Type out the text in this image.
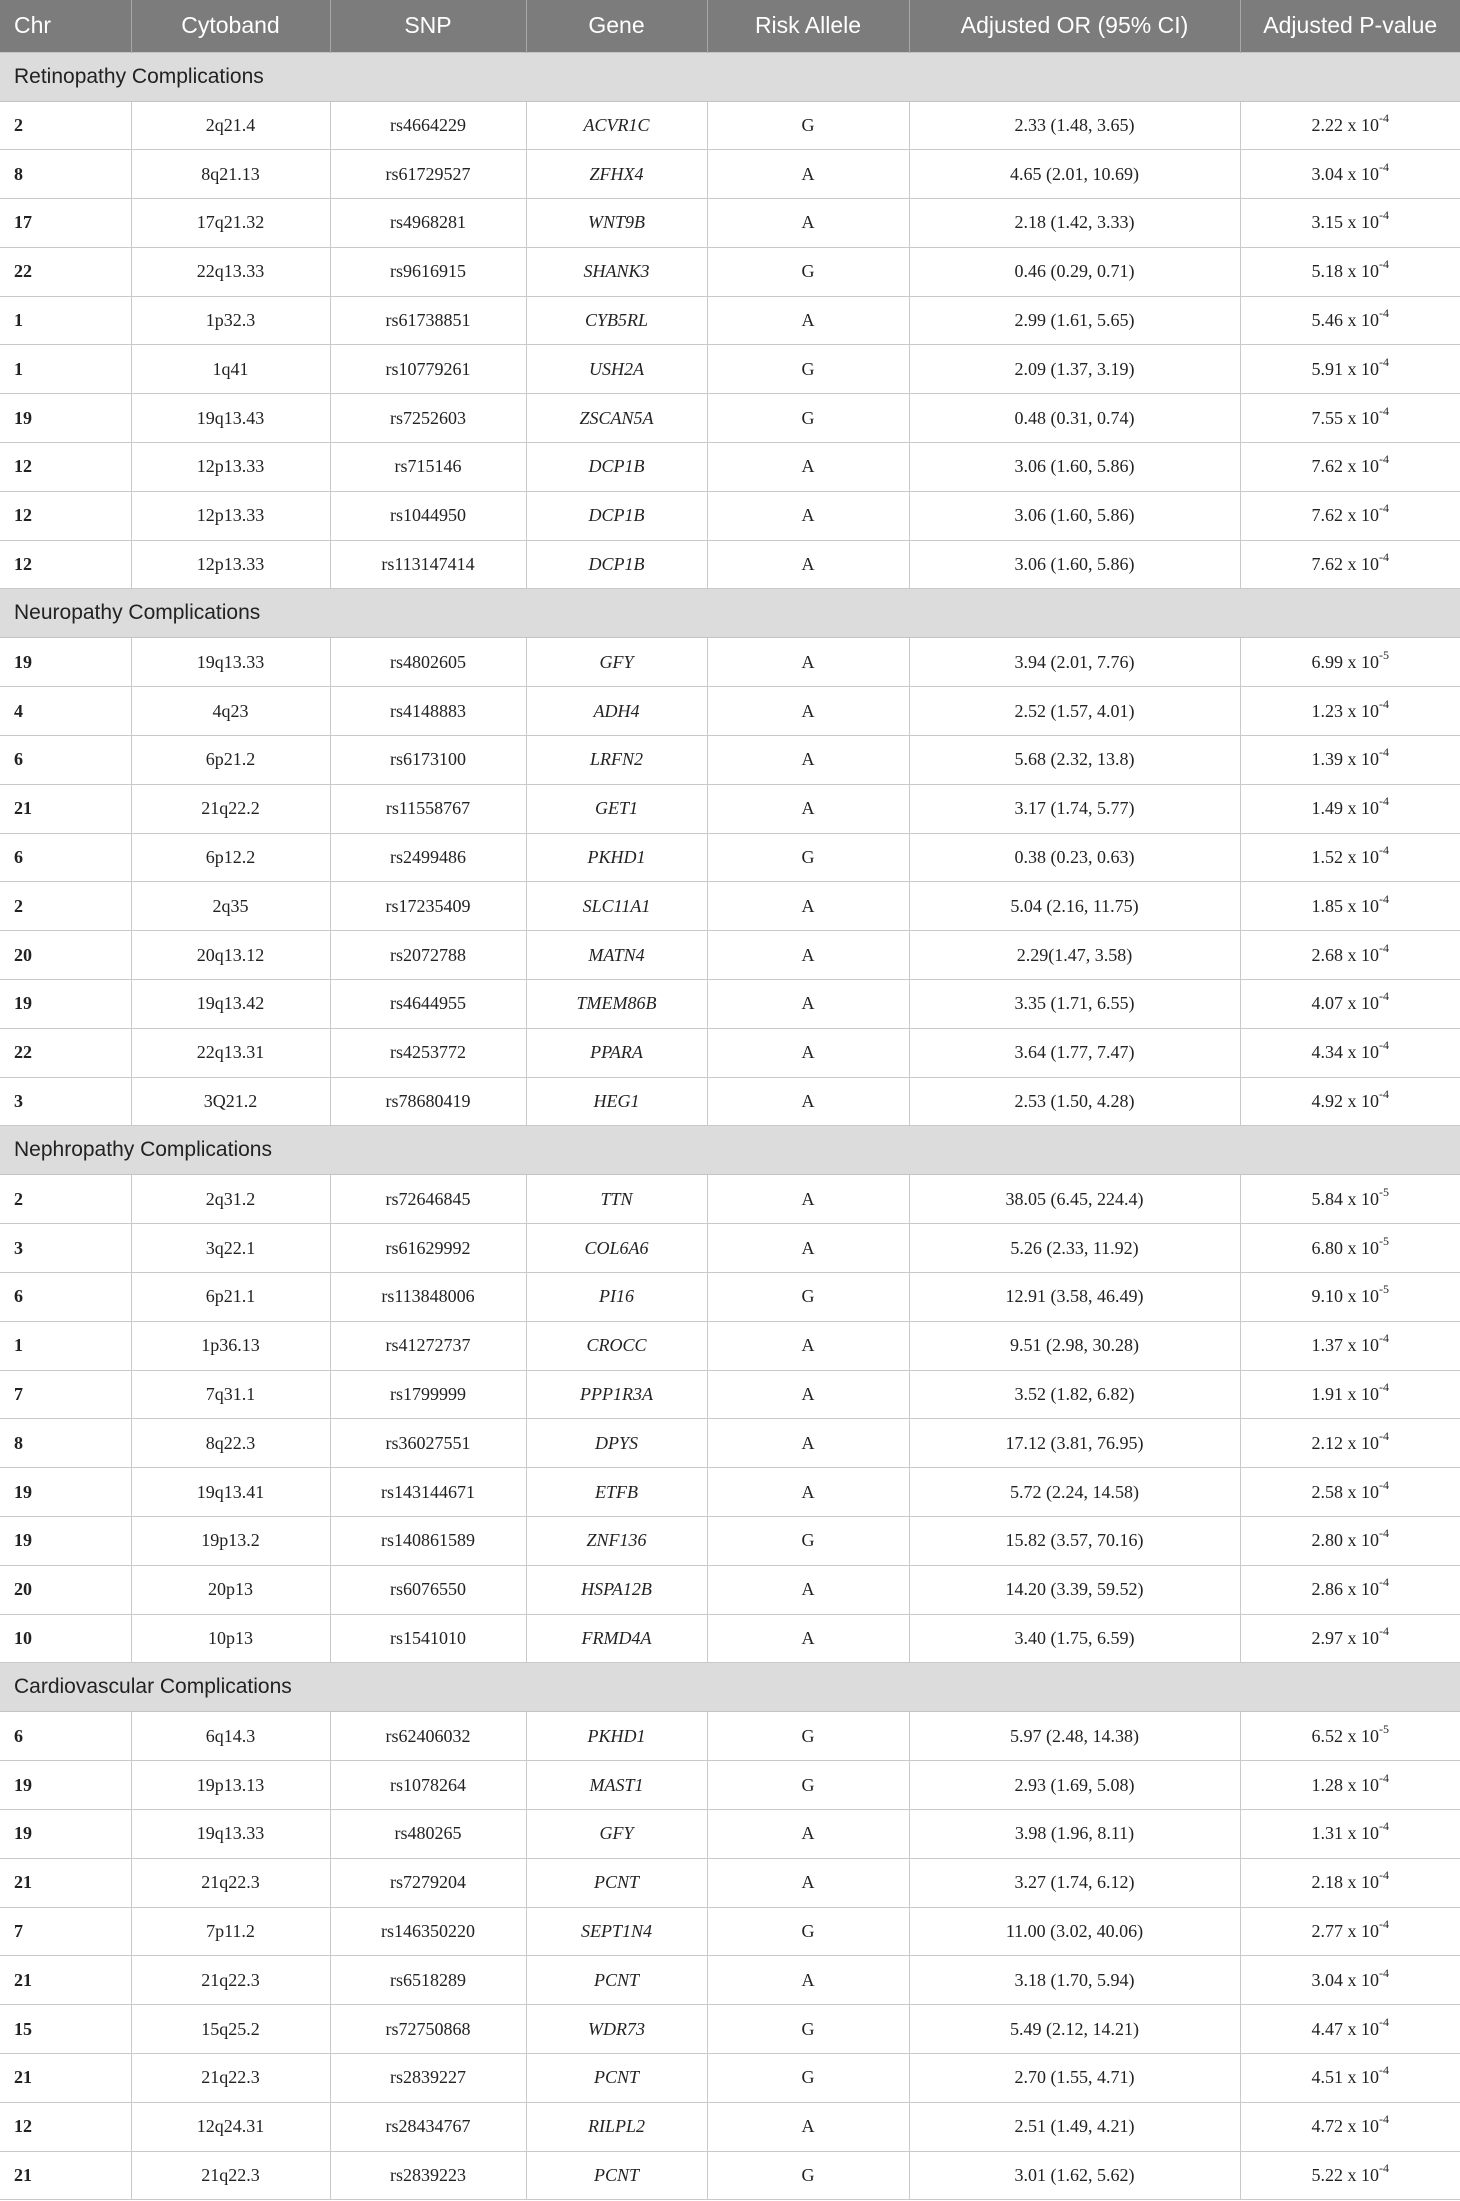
Chr	Cytoband	SNP	Gene	Risk Allele	Adjusted OR (95% CI)	Adjusted P-value
Retinopathy Complications						
2	2q21.4	rs4664229	ACVR1C	G	2.33 (1.48, 3.65)	2.22 x $10^{-4}$
8	8q21.13	rs61729527	ZFHX4	A	4.65 (2.01, 10.69)	3.04 x $10^{-4}$
17	17q21.32	rs4968281	WNT9B	A	2.18 (1.42, 3.33)	3.15 x $10^{-4}$
22	22q13.33	rs9616915	SHANK3	G	0.46 (0.29, 0.71)	5.18 x $10^{-4}$
1	1p32.3	rs61738851	CYB5RL	A	2.99 (1.61, 5.65)	5.46 x $10^{-4}$
1	1q41	rs10779261	USH2A	G	2.09 (1.37, 3.19)	5.91 x $10^{-4}$
19	19q13.43	rs7252603	ZSCAN5A	G	0.48 (0.31, 0.74)	7.55 x $10^{-4}$
12	12p13.33	rs715146	DCP1B	A	3.06 (1.60, 5.86)	7.62 x $10^{-4}$
12	12p13.33	rs1044950	DCP1B	A	3.06 (1.60, 5.86)	7.62 x $10^{-4}$
12	12p13.33	rs113147414	DCP1B	A	3.06 (1.60, 5.86)	7.62 x $10^{-4}$
Neuropathy Complications						
19	19q13.33	rs4802605	GFY	A	3.94 (2.01, 7.76)	6.99 x $10^{-5}$
4	4q23	rs4148883	ADH4	A	2.52 (1.57, 4.01)	1.23 x $10^{-4}$
6	6p21.2	rs6173100	LRFN2	A	5.68 (2.32, 13.8)	1.39 x $10^{-4}$
21	21q22.2	rs11558767	GET1	A	3.17 (1.74, 5.77)	1.49 x $10^{-4}$
6	6p12.2	rs2499486	PKHD1	G	0.38 (0.23, 0.63)	1.52 x $10^{-4}$
2	2q35	rs17235409	SLC11A1	A	5.04 (2.16, 11.75)	1.85 x $10^{-4}$
20	20q13.12	rs2072788	MATN4	A	2.29(1.47, 3.58)	2.68 x $10^{-4}$
19	19q13.42	rs4644955	TMEM86B	A	3.35 (1.71, 6.55)	4.07 x $10^{-4}$
22	22q13.31	rs4253772	PPARA	A	3.64 (1.77, 7.47)	4.34 x $10^{-4}$
3	3Q21.2	rs78680419	HEG1	A	2.53 (1.50, 4.28)	4.92 x $10^{-4}$
Nephropathy Complications						
2	2q31.2	rs72646845	TTN	A	38.05 (6.45, 224.4)	5.84 x $10^{-5}$
3	3q22.1	rs61629992	COL6A6	A	5.26 (2.33, 11.92)	6.80 x $10^{-5}$
6	6p21.1	rs113848006	PI16	G	12.91 (3.58, 46.49)	9.10 x $10^{-5}$
1	1p36.13	rs41272737	CROCC	A	9.51 (2.98, 30.28)	1.37 x $10^{-4}$
7	7q31.1	rs1799999	PPP1R3A	A	3.52 (1.82, 6.82)	1.91 x $10^{-4}$
8	8q22.3	rs36027551	DPYS	A	17.12 (3.81, 76.95)	2.12 x $10^{-4}$
19	19q13.41	rs143144671	ETFB	A	5.72 (2.24, 14.58)	2.58 x $10^{-4}$
19	19p13.2	rs140861589	ZNF136	G	15.82 (3.57, 70.16)	2.80 x $10^{-4}$
20	20p13	rs6076550	HSPA12B	A	14.20 (3.39, 59.52)	2.86 x $10^{-4}$
10	10p13	rs1541010	FRMD4A	A	3.40 (1.75, 6.59)	2.97 x $10^{-4}$
Cardiovascular Complications						
6	6q14.3	rs62406032	PKHD1	G	5.97 (2.48, 14.38)	6.52 x $10^{-5}$
19	19p13.13	rs1078264	MAST1	G	2.93 (1.69, 5.08)	1.28 x $10^{-4}$
19	19q13.33	rs480265	GFY	A	3.98 (1.96, 8.11)	1.31 x $10^{-4}$
21	21q22.3	rs7279204	PCNT	A	3.27 (1.74, 6.12)	2.18 x $10^{-4}$
7	7p11.2	rs146350220	SEPT1N4	G	11.00 (3.02, 40.06)	2.77 x $10^{-4}$
21	21q22.3	rs6518289	PCNT	A	3.18 (1.70, 5.94)	3.04 x $10^{-4}$
15	15q25.2	rs72750868	WDR73	G	5.49 (2.12, 14.21)	4.47 x $10^{-4}$
21	21q22.3	rs2839227	PCNT	G	2.70 (1.55, 4.71)	4.51 x $10^{-4}$
12	12q24.31	rs28434767	RILPL2	A	2.51 (1.49, 4.21)	4.72 x $10^{-4}$
21	21q22.3	rs2839223	PCNT	G	3.01 (1.62, 5.62)	5.22 x $10^{-4}$
